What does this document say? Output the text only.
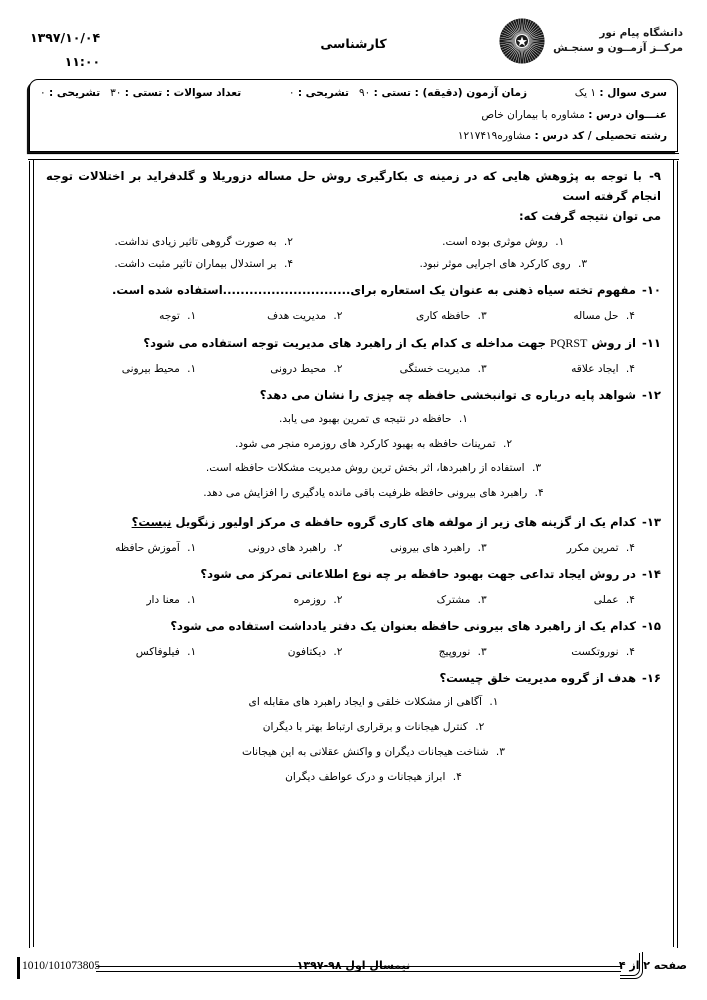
دانشگاه پیام نور
مرکــز آزمــون و سنجـش
کارشناسی
۱۳۹۷/۱۰/۰۴
۱۱:۰۰
سری سوال : ۱ یک
زمان آزمون (دقیقه) : تستی : ۹۰   تشریحی : ۰
تعداد سوالات : تستی : ۳۰   تشریحی : ۰
عنـــوان درس : مشاوره با بیماران خاص
رشته تحصیلی / کد درس : مشاوره۱۲۱۷۴۱۹
۹- با توجه به پژوهش هایی که در زمینه ی بکارگیری روش حل مساله دزوریلا و گلدفراید بر اختلالات توجه انجام گرفته است
می توان نتیجه گرفت که:
۱. روش موثری بوده است.
۲. به صورت گروهی تاثیر زیادی نداشت.
۳. روی کارکرد های اجرایی موثر نبود.
۴. بر استدلال بیماران تاثیر مثبت داشت.
۱۰- مفهوم تخته سیاه ذهنی به عنوان یک استعاره برای.............................استفاده شده است.
۴. حل مساله
۳. حافظه کاری
۲. مدیریت هدف
۱. توجه
۱۱- از روش PQRST جهت مداخله ی کدام یک از راهبرد های مدیریت توجه استفاده می شود؟
۴. ایجاد علاقه
۳. مدیریت خستگی
۲. محیط درونی
۱. محیط بیرونی
۱۲- شواهد پایه درباره ی توانبخشی حافظه چه چیزی را نشان می دهد؟
۱. حافظه در نتیجه ی تمرین بهبود می یابد.
۲. تمرینات حافظه به بهبود کارکرد های روزمره منجر می شود.
۳. استفاده از راهبردها، اثر بخش ترین روش مدیریت مشکلات حافظه است.
۴. راهبرد های بیرونی حافظه ظرفیت باقی مانده یادگیری را افزایش می دهد.
۱۳- کدام یک از گزینه های زیر از مولفه های کاری گروه حافظه ی مرکز اولیور زنگویل نیست؟
۴. تمرین مکرر
۳. راهبرد های بیرونی
۲. راهبرد های درونی
۱. آموزش حافظه
۱۴- در روش ایجاد تداعی جهت بهبود حافظه بر چه نوع اطلاعاتی تمرکز می شود؟
۴. عملی
۳. مشترک
۲. روزمره
۱. معنا دار
۱۵- کدام یک از راهبرد های بیرونی حافظه بعنوان یک دفتر یادداشت استفاده می شود؟
۴. نوروتکست
۳. نوروپیج
۲. دیکتافون
۱. فیلوفاکس
۱۶- هدف از گروه مدیریت خلق چیست؟
۱. آگاهی از مشکلات خلقی و ایجاد راهبرد های مقابله ای
۲. کنترل هیجانات و برقراری ارتباط بهتر با دیگران
۳. شناخت هیجانات دیگران و واکنش عقلانی به این هیجانات
۴. ابراز هیجانات و درک عواطف دیگران
صفحه ۲ از ۴
نیمسال اول ۹۸-۱۳۹۷
1010/101073805
